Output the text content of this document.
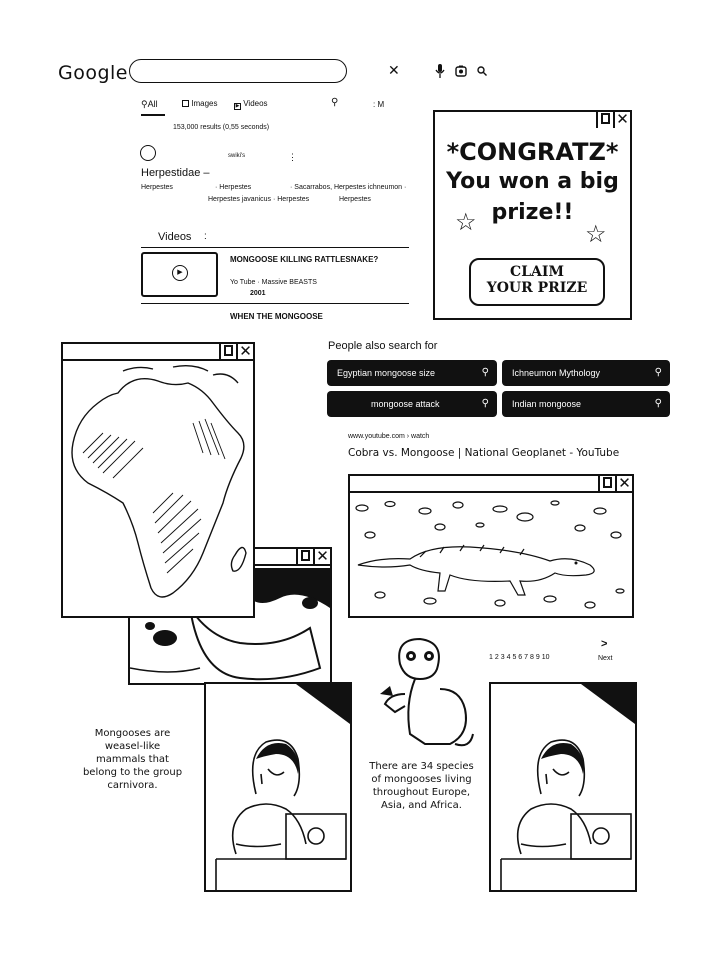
Google	✕
⚲All	Images	▶ Videos	⚲	: M
153,000 results (0,55 seconds)
swiki's	⋮
Herpestidae –
Herpestes	· Herpestes	· Sacarrabos, Herpestes ichneumon ·
Herpestes javanicus · Herpestes	Herpestes
Videos :
▶
MONGOOSE KILLING RATTLESNAKE?
Yo Tube · Massive BEASTS
2001
WHEN THE MONGOOSE
✕
*CONGRATZ*
You won a big
prize!!
☆	☆
CLAIM
YOUR PRIZE
People also search for
Egyptian mongoose size	⚲	Ichneumon Mythology	⚲
mongoose attack	⚲	Indian mongoose	⚲
www.youtube.com › watch
Cobra vs. Mongoose | National Geoplanet - YouTube
✕
✕
✕
Mongooses are weasel-like mammals that belong to the group carnivora.
There are 34 species of mongooses living throughout Europe, Asia, and Africa.
1 2 3 4 5 6 7 8 9 10
>
Next
